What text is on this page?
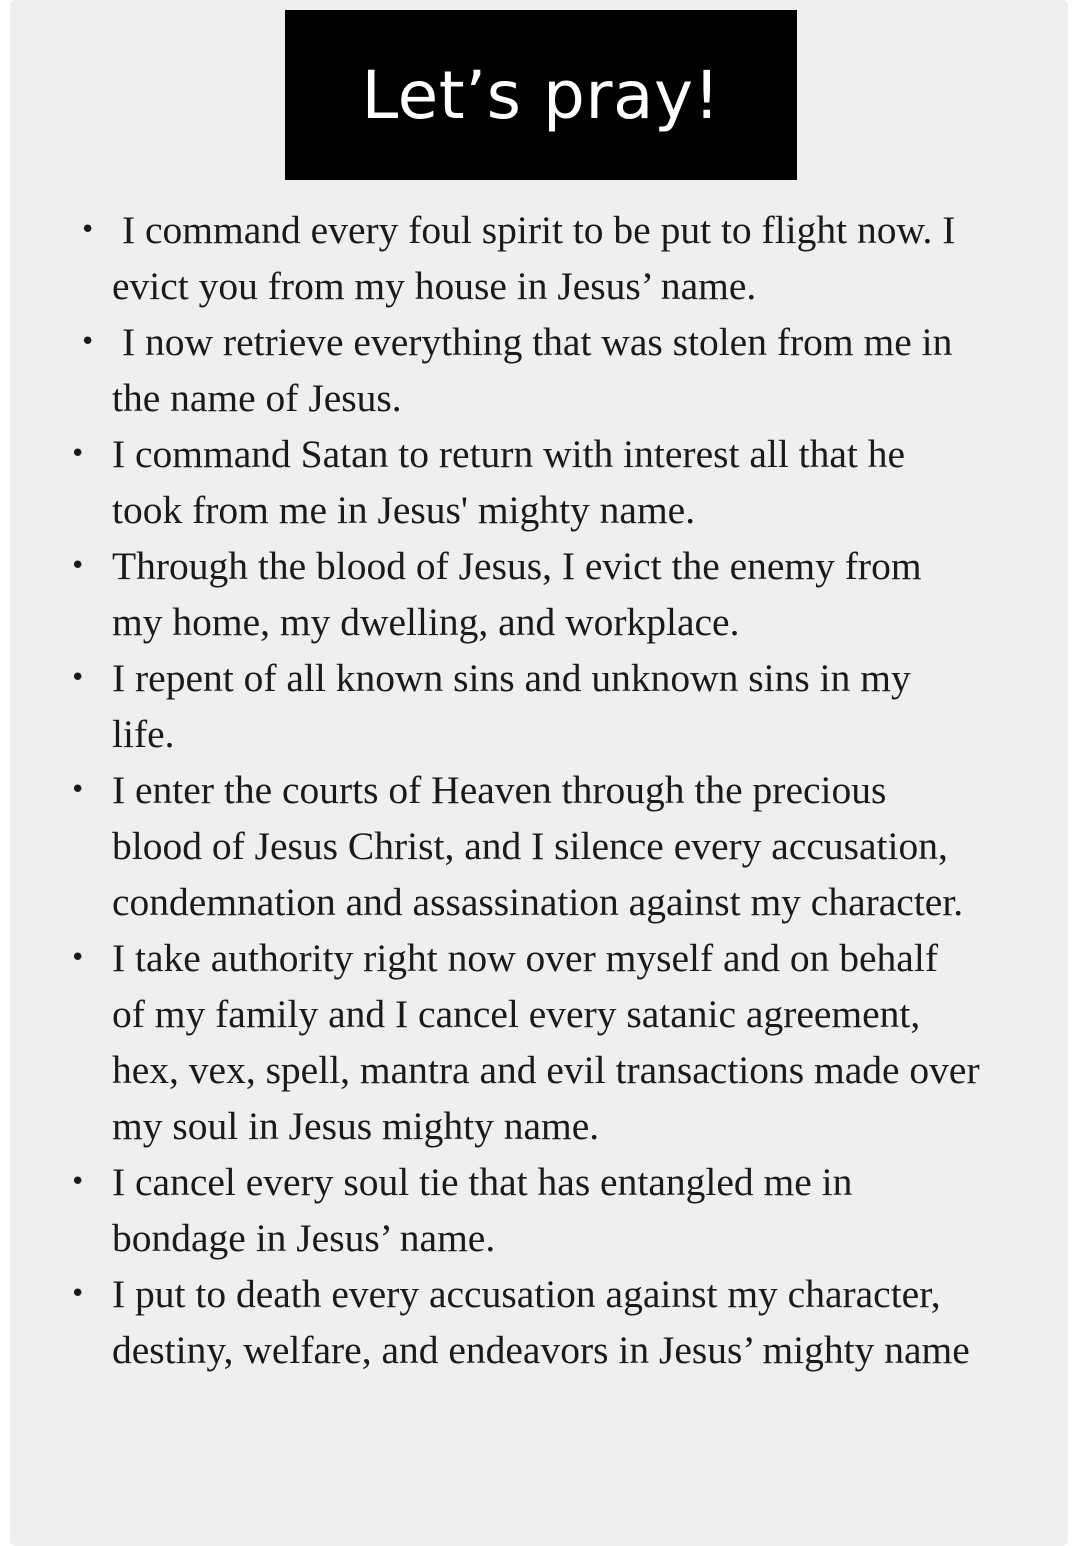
Let’s pray!
• I command every foul spirit to be put to flight now. I evict you from my house in Jesus’ name.
• I now retrieve everything that was stolen from me in the name of Jesus.
• I command Satan to return with interest all that he took from me in Jesus' mighty name.
• Through the blood of Jesus, I evict the enemy from my home, my dwelling, and workplace.
• I repent of all known sins and unknown sins in my life.
• I enter the courts of Heaven through the precious blood of Jesus Christ, and I silence every accusation, condemnation and assassination against my character.
• I take authority right now over myself and on behalf of my family and I cancel every satanic agreement, hex, vex, spell, mantra and evil transactions made over my soul in Jesus mighty name.
• I cancel every soul tie that has entangled me in bondage in Jesus’ name.
• I put to death every accusation against my character, destiny, welfare, and endeavors in Jesus’ mighty name
